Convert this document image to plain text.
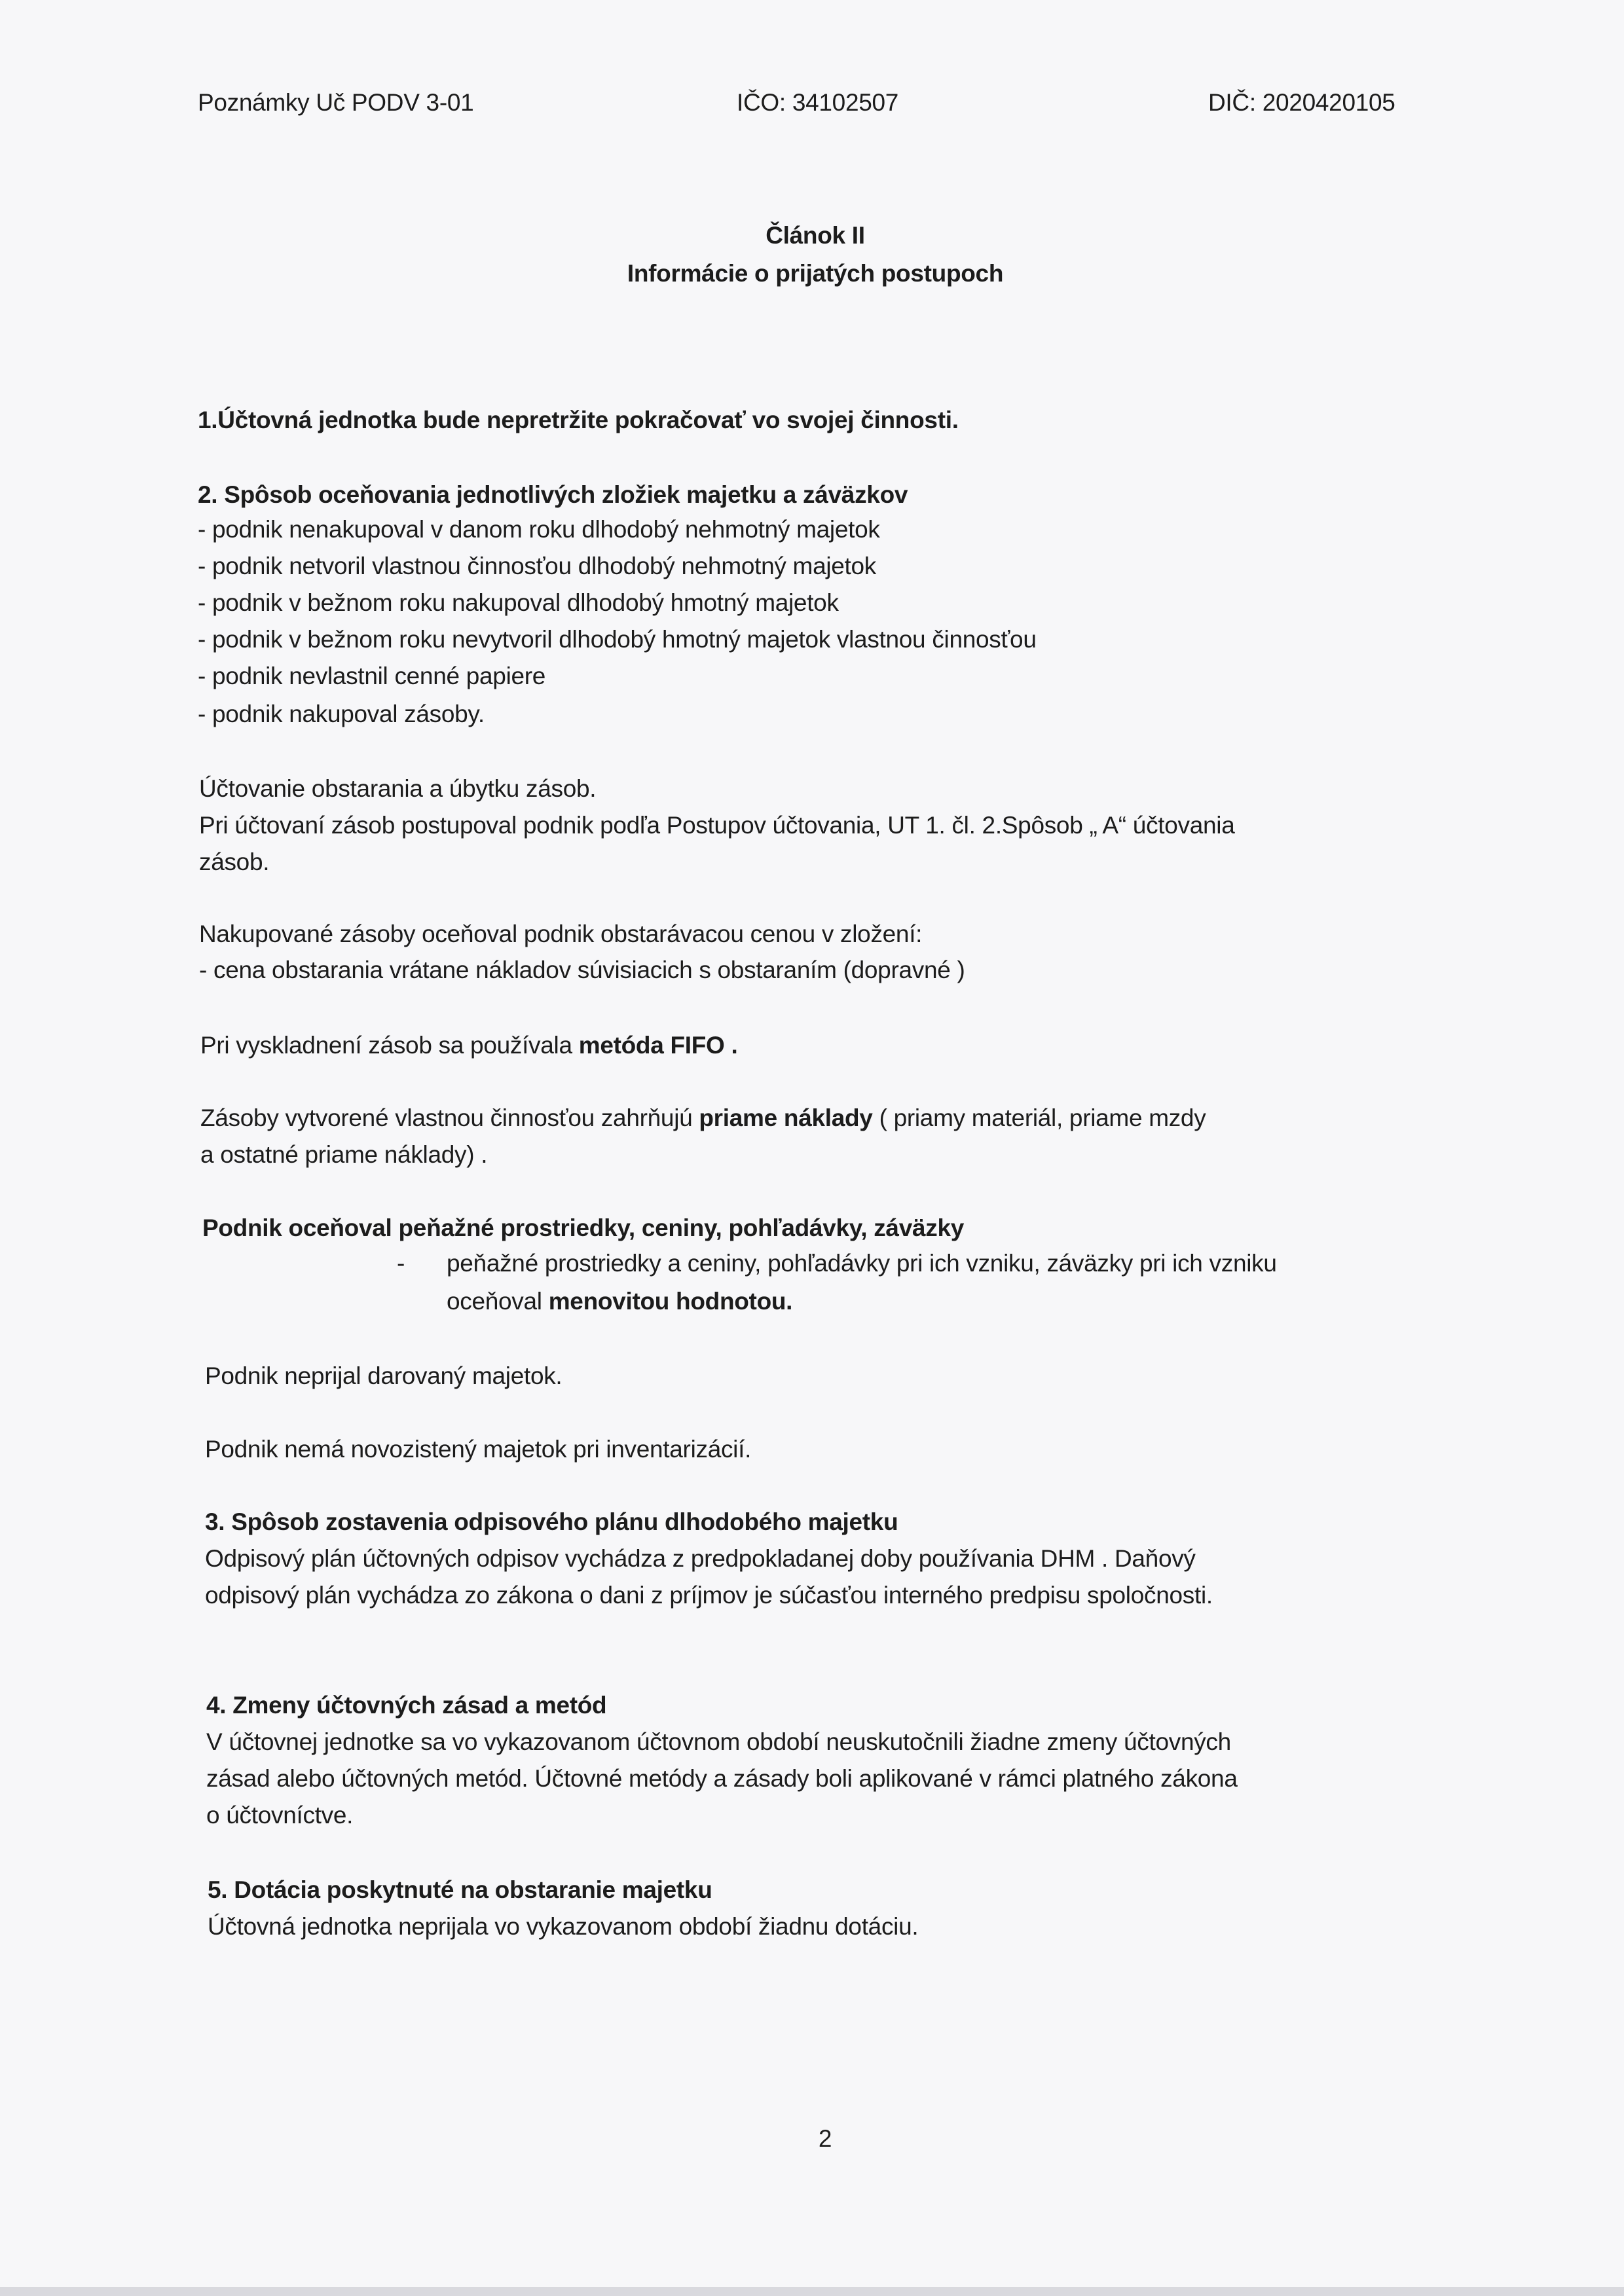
Poznámky Uč PODV 3-01	IČO: 34102507	DIČ: 2020420105
Článok II
Informácie o prijatých postupoch
1.Účtovná jednotka bude nepretržite pokračovať vo svojej činnosti.
2. Spôsob oceňovania jednotlivých zložiek majetku a záväzkov
- podnik nenakupoval v danom roku dlhodobý nehmotný majetok
- podnik netvoril vlastnou činnosťou dlhodobý nehmotný majetok
- podnik v bežnom roku nakupoval dlhodobý hmotný majetok
- podnik v bežnom roku nevytvoril dlhodobý hmotný majetok vlastnou činnosťou
- podnik nevlastnil cenné papiere
- podnik nakupoval zásoby.
Účtovanie obstarania a úbytku zásob.
Pri účtovaní zásob postupoval podnik podľa Postupov účtovania, UT 1. čl. 2.Spôsob „ A“ účtovania
zásob.
Nakupované zásoby oceňoval podnik obstarávacou cenou v zložení:
- cena obstarania vrátane nákladov súvisiacich s obstaraním (dopravné )
Pri vyskladnení zásob sa používala metóda FIFO .
Zásoby vytvorené vlastnou činnosťou zahrňujú priame náklady ( priamy materiál, priame mzdy
a ostatné priame náklady) .
Podnik oceňoval peňažné prostriedky, ceniny, pohľadávky, záväzky
- peňažné prostriedky a ceniny, pohľadávky pri ich vzniku, záväzky pri ich vzniku
oceňoval menovitou hodnotou.
Podnik neprijal darovaný majetok.
Podnik nemá novozistený majetok pri inventarizácií.
3. Spôsob zostavenia odpisového plánu dlhodobého majetku
Odpisový plán účtovných odpisov vychádza z predpokladanej doby používania DHM . Daňový
odpisový plán vychádza zo zákona o dani z príjmov je súčasťou interného predpisu spoločnosti.
4. Zmeny účtovných zásad a metód
V účtovnej jednotke sa vo vykazovanom účtovnom období neuskutočnili žiadne zmeny účtovných
zásad alebo účtovných metód. Účtovné metódy a zásady boli aplikované v rámci platného zákona
o účtovníctve.
5. Dotácia poskytnuté na obstaranie majetku
Účtovná jednotka neprijala vo vykazovanom období žiadnu dotáciu.
2
